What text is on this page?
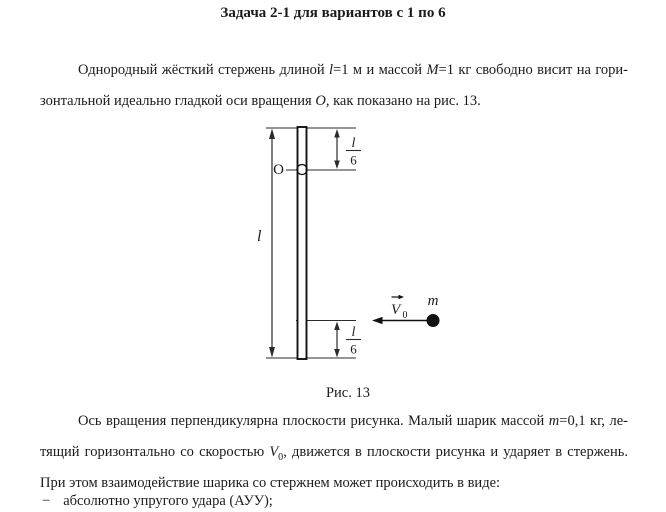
Задача 2-1 для вариантов с 1 по 6
Однородный жёсткий стержень длиной l=1 м и массой M=1 кг свободно висит на гори-
зонтальной идеально гладкой оси вращения O, как показано на рис. 13.
O
l
l
6
l
6
V 0
m
Рис. 13
Ось вращения перпендикулярна плоскости рисунка. Малый шарик массой m=0,1 кг, ле-
тящий горизонтально со скоростью $V_0$, движется в плоскости рисунка и ударяет в стержень.
При этом взаимодействие шарика со стержнем может происходить в виде:
− абсолютно упругого удара (АУУ);
